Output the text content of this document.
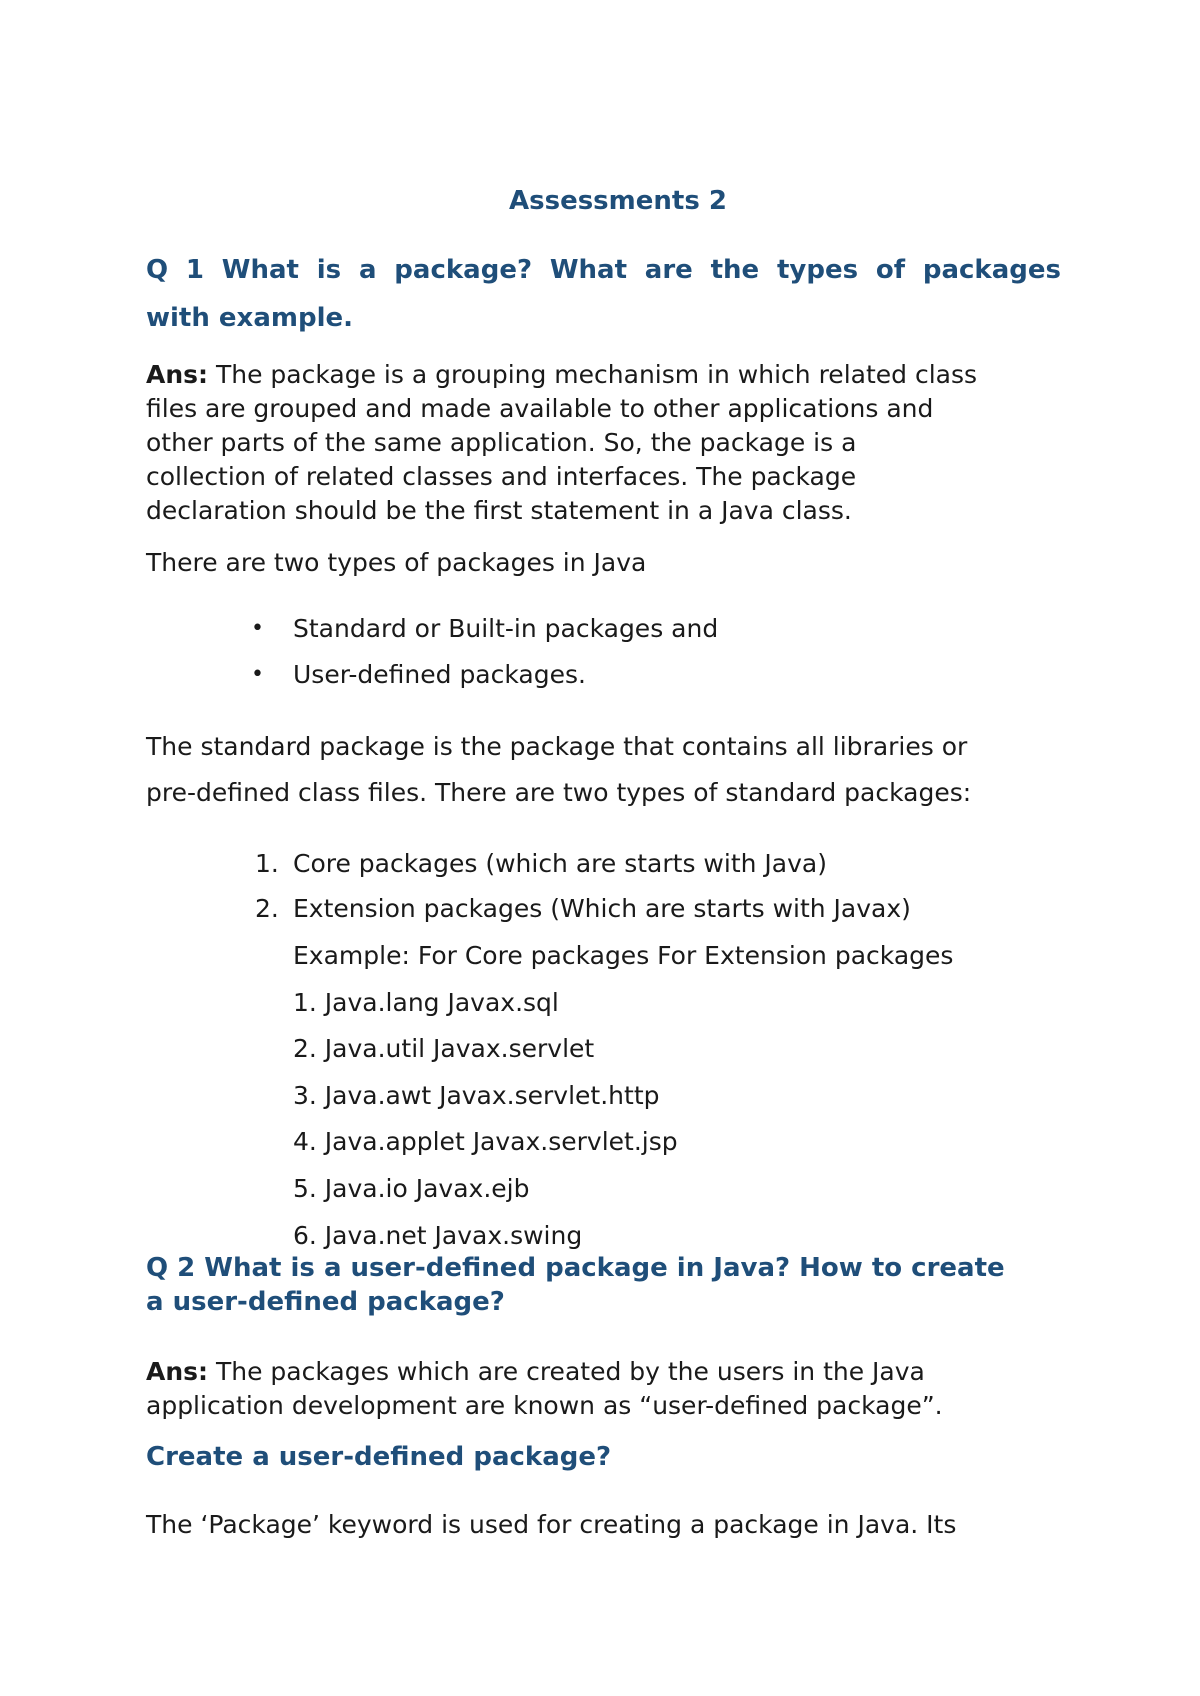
Assessments 2
Q 1 What is a package? What are the types of packages
with example.
Ans: The package is a grouping mechanism in which related class
files are grouped and made available to other applications and
other parts of the same application. So, the package is a
collection of related classes and interfaces. The package
declaration should be the first statement in a Java class.
There are two types of packages in Java
• Standard or Built-in packages and
• User-defined packages.
The standard package is the package that contains all libraries or
pre-defined class files. There are two types of standard packages:
1. Core packages (which are starts with Java)
2. Extension packages (Which are starts with Javax)
Example: For Core packages For Extension packages
1. Java.lang Javax.sql
2. Java.util Javax.servlet
3. Java.awt Javax.servlet.http
4. Java.applet Javax.servlet.jsp
5. Java.io Javax.ejb
6. Java.net Javax.swing
Q 2 What is a user-defined package in Java? How to create
a user-defined package?
Ans: The packages which are created by the users in the Java
application development are known as “user-defined package”.
Create a user-defined package?
The ‘Package’ keyword is used for creating a package in Java. Its
